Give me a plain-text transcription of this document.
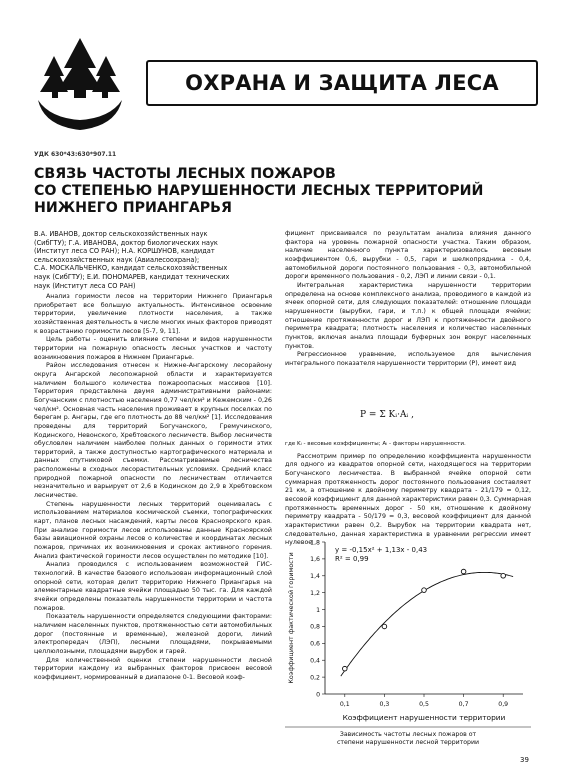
ОХРАНА И ЗАЩИТА ЛЕСА
УДК 630*43:630*907.11
СВЯЗЬ ЧАСТОТЫ ЛЕСНЫХ ПОЖАРОВ
СО СТЕПЕНЬЮ НАРУШЕННОСТИ ЛЕСНЫХ ТЕРРИТОРИЙ
НИЖНЕГО ПРИАНГАРЬЯ

В.А. ИВАНОВ, доктор сельскохозяйственных наук

(СибГТУ); Г.А. ИВАНОВА, доктор биологических наук

(Институт леса СО РАН); Н.А. КОРШУНОВ, кандидат

сельскохозяйственных наук (Авиалесоохрана);

С.А. МОСКАЛЬЧЕНКО, кандидат сельскохозяйственных

наук (СибГТУ); Е.И. ПОНОМАРЕВ, кандидат технических

наук (Институт леса СО РАН)

Анализ горимости лесов на территории Нижнего Приангарья приобретает все большую актуальность. Интенсивное освоение территории, увеличение плотности населения, а также хозяйственная деятельность в числе многих иных факторов приводят к возрастанию горимости лесов [5-7, 9, 11].

Цель работы - оценить влияние степени и видов нарушенности территории на пожарную опасность лесных участков и частоту возникновения пожаров в Нижнем Приангарье.

Район исследования отнесен к Нижне-Ангарскому лесорайону округа Ангарской лесопожарной области и характеризуется наличием большого количества пожароопасных массивов [10]. Территория представлена двумя административными районами: Богучанским с плотностью населения 0,77 чел/км² и Кежемским - 0,26 чел/км². Основная часть населения проживает в крупных поселках по берегам р. Ангары, где его плотность до 88 чел/км² [1]. Исследования проведены для территорий Богучанского, Гремучинского, Кодинского, Невонского, Хребтовского лесничеств. Выбор лесничеств обусловлен наличием наиболее полных данных о горимости этих территорий, а также доступностью картографического материала и данных спутниковой съемки. Рассматриваемые лесничества расположены в сходных лесорастительных условиях. Средний класс природной пожарной опасности по лесничествам отличается незначительно и варьирует от 2,6 в Кодинском до 2,9 в Хребтовском лесничестве.

Степень нарушенности лесных территорий оценивалась с использованием материалов космической съемки, топографических карт, планов лесных насаждений, карты лесов Красноярского края. При анализе горимости лесов использованы данные Красноярской базы авиационной охраны лесов о количестве и координатах лесных пожаров, причинах их возникновения и сроках активного горения. Анализ фактической горимости лесов осуществлен по методике [10].

Анализ проводился с использованием возможностей ГИС-технологий. В качестве базового использован информационный слой опорной сети, которая делит территорию Нижнего Приангарья на элементарные квадратные ячейки площадью 50 тыс. га. Для каждой ячейки определены показатель нарушенности территории и частота пожаров.

Показатель нарушенности определяется следующими факторами: наличием населенных пунктов, протяженностью сети автомобильных дорог (постоянные и временные), железной дороги, линий электропередач (ЛЭП), лесными площадями, покрываемыми целлюлозными, площадями вырубок и гарей.

Для количественной оценки степени нарушенности лесной территории каждому из выбранных факторов присвоен весовой коэффициент, нормированный в диапазоне 0-1. Весовой коэф-

фициент присваивался по результатам анализа влияния данного фактора на уровень пожарной опасности участка. Таким образом, наличие населенного пункта характеризовалось весовым коэффициентом 0,6, вырубки - 0,5, гари и шелкопрядника - 0,4, автомобильной дороги постоянного пользования - 0,3, автомобильной дороги временного пользования - 0,2, ЛЭП и линии связи - 0,1.

Интегральная характеристика нарушенности территории определена на основе комплексного анализа, проводимого в каждой из ячеек опорной сети, для следующих показателей: отношение площади нарушенности (вырубки, гари, и т.п.) к общей площади ячейки; отношение протяженности дорог и ЛЭП к протяженности двойного периметра квадрата; плотность населения и количество населенных пунктов, включая анализ площади буферных зон вокруг населенных пунктов.

Регрессионное уравнение, используемое для вычисления интегрального показателя нарушенности территории (Р), имеет вид

P = Σ Kᵢ·Aᵢ ,

где Kᵢ - весовые коэффициенты; Aᵢ - факторы нарушенности.

Рассмотрим пример по определению коэффициента нарушенности для одного из квадратов опорной сети, находящегося на территории Богучанского лесничества. В выбранной ячейке опорной сети суммарная протяженность дорог постоянного пользования составляет 21 км, а отношение к двойному периметру квадрата - 21/179 = 0,12, весовой коэффициент для данной характеристики равен 0,3. Суммарная протяженность временных дорог - 50 км, отношение к двойному периметру квадрата - 50/179 = 0,3, весовой коэффициент для данной характеристики равен 0,2. Вырубок на территории квадрата нет, следовательно, данная характеристика в уравнении регрессии имеет нулевое

0
0,2
0,4
0,6
0,8
1
1,2
1,4
1,6
1,8
0,1	0,3	0,5	0,7	0,9
y = -0,15x² + 1,13x - 0,43
R² = 0,99
Коэффициент нарушенности территории
Коэффициент фактической горимости
Зависимость частоты лесных пожаров от
степени нарушенности лесной территории
39
